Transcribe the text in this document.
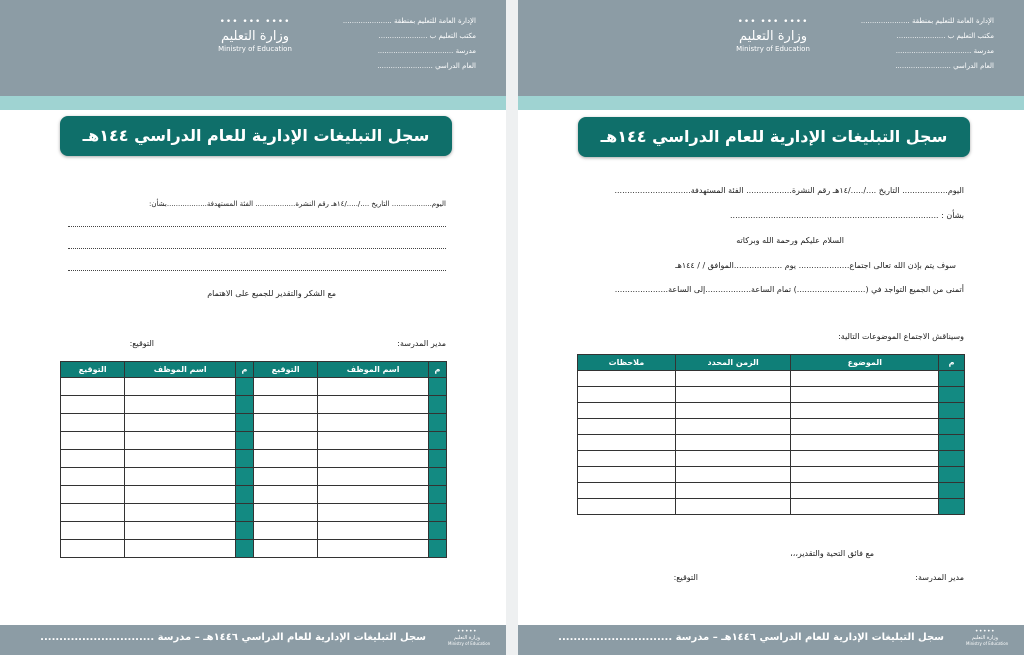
••• ••• ••••
وزارة التعليم
Ministry of Education
الإدارة العامة للتعليم بمنطقة ......................
مكتب التعليم ب ......................
مدرسة ..................................
العام الدراسي .........................
سجل التبليغات الإدارية للعام الدراسي ١٤٤هـ
اليوم.................. التاريخ ..../...../١٤هـ رقم النشرة.................. الفئة المستهدفة..................بشأن:
مع الشكر والتقدير للجميع على الاهتمام
مدير المدرسة:
التوقيع:
م	اسم الموظف	التوقيع	م	اسم الموظف	التوقيع

سجل التبليغات الإدارية للعام الدراسي ١٤٤٦هـ – مدرسة ..............................
•••••
وزارة التعليم
Ministry of Education
••• ••• ••••
وزارة التعليم
Ministry of Education
الإدارة العامة للتعليم بمنطقة ......................
مكتب التعليم ب ......................
مدرسة ..................................
العام الدراسي .........................
سجل التبليغات الإدارية للعام الدراسي ١٤٤هـ
اليوم.................. التاريخ ..../...../١٤هـ رقم النشرة.................. الفئة المستهدفة..............................
بشأن : ..................................................................................
السلام عليكم ورحمة الله وبركاته
سوف يتم بإذن الله تعالى اجتماع.................... يوم ...................الموافق / / ١٤٤هـ
أتمنى من الجميع التواجد في (...........................) تمام الساعة..................إلى الساعة.....................
وسيناقش الاجتماع الموضوعات التالية:
م	الموضوع	الزمن المحدد	ملاحظات

مع فائق التحية والتقدير،،،
مدير المدرسة:
التوقيع:
سجل التبليغات الإدارية للعام الدراسي ١٤٤٦هـ – مدرسة ..............................
•••••
وزارة التعليم
Ministry of Education
